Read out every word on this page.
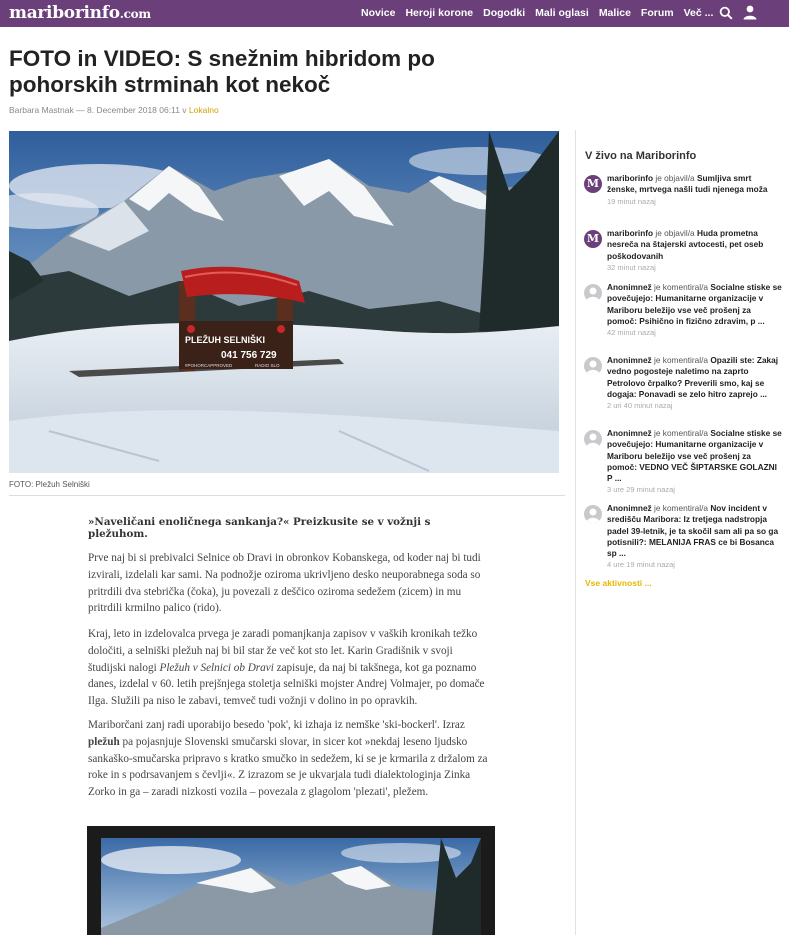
mariborinfo.com	Novice Heroji korone Dogodki Mali oglasi Malice Forum Več ...
FOTO in VIDEO: S snežnim hibridom po pohorskih strminah kot nekoč
Barbara Mastnak — 8. December 2018 06:11 v Lokalno
PLEŽUH SELNIŠKI
041 756 729
#POHORCAPPROVED	RADIO SLO
FOTO: Pležuh Selniški

»Naveličani enoličnega sankanja?« Preizkusite se v vožnji s pležuhom.

Prve naj bi si prebivalci Selnice ob Dravi in obronkov Kobanskega, od koder naj bi tudi izvirali, izdelali kar sami. Na podnožje oziroma ukrivljeno desko neuporabnega soda so pritrdili dva stebrička (čoka), ju povezali z deščico oziroma sedežem (zicem) in mu pritrdili krmilno palico (rido).

Kraj, leto in izdelovalca prvega je zaradi pomanjkanja zapisov v vaških kronikah težko določiti, a selniški pležuh naj bi bil star že več kot sto let. Karin Gradišnik v svoji študijski nalogi Pležuh v Selnici ob Dravi zapisuje, da naj bi takšnega, kot ga poznamo danes, izdelal v 60. letih prejšnjega stoletja selniški mojster Andrej Volmajer, po domače Ilga. Služili pa niso le zabavi, temveč tudi vožnji v dolino in po opravkih.

Mariborčani zanj radi uporabijo besedo 'pok', ki izhaja iz nemške 'ski-bockerl'. Izraz pležuh pa pojasnjuje Slovenski smučarski slovar, in sicer kot »nekdaj leseno ljudsko sankaško-smučarska pripravo s kratko smučko in sedežem, ki se je krmarila z držalom za roke in s podrsavanjem s čevlji«. Z izrazom se je ukvarjala tudi dialektologinja Zinka Zorko in ga – zaradi nizkosti vozila – povezala z glagolom 'plezati', pležem.

V živo na Mariborinfo
M mariborinfo je objavil/a Sumljiva smrt ženske, mrtvega našli tudi njenega moža
19 minut nazaj
M mariborinfo je objavil/a Huda prometna nesreča na štajerski avtocesti, pet oseb poškodovanih
32 minut nazaj
Anonimnež je komentiral/a Socialne stiske se povečujejo: Humanitarne organizacije v Mariboru beležijo vse več prošenj za pomoč: Psihično in fizično zdravim, p ...
42 minut nazaj
Anonimnež je komentiral/a Opazili ste: Zakaj vedno pogosteje naletimo na zaprto Petrolovo črpalko? Preverili smo, kaj se dogaja: Ponavadi se zelo hitro zaprejo ...
2 uri 40 minut nazaj
Anonimnež je komentiral/a Socialne stiske se povečujejo: Humanitarne organizacije v Mariboru beležijo vse več prošenj za pomoč: VEDNO VEČ ŠIPTARSKE GOLAZNI P ...
3 ure 29 minut nazaj
Anonimnež je komentiral/a Nov incident v središču Maribora: Iz tretjega nadstropja padel 39-letnik, je ta skočil sam ali pa so ga potisnili?: MELANIJA FRAS ce bi Bosanca sp ...
4 ure 19 minut nazaj
Vse aktivnosti ...
